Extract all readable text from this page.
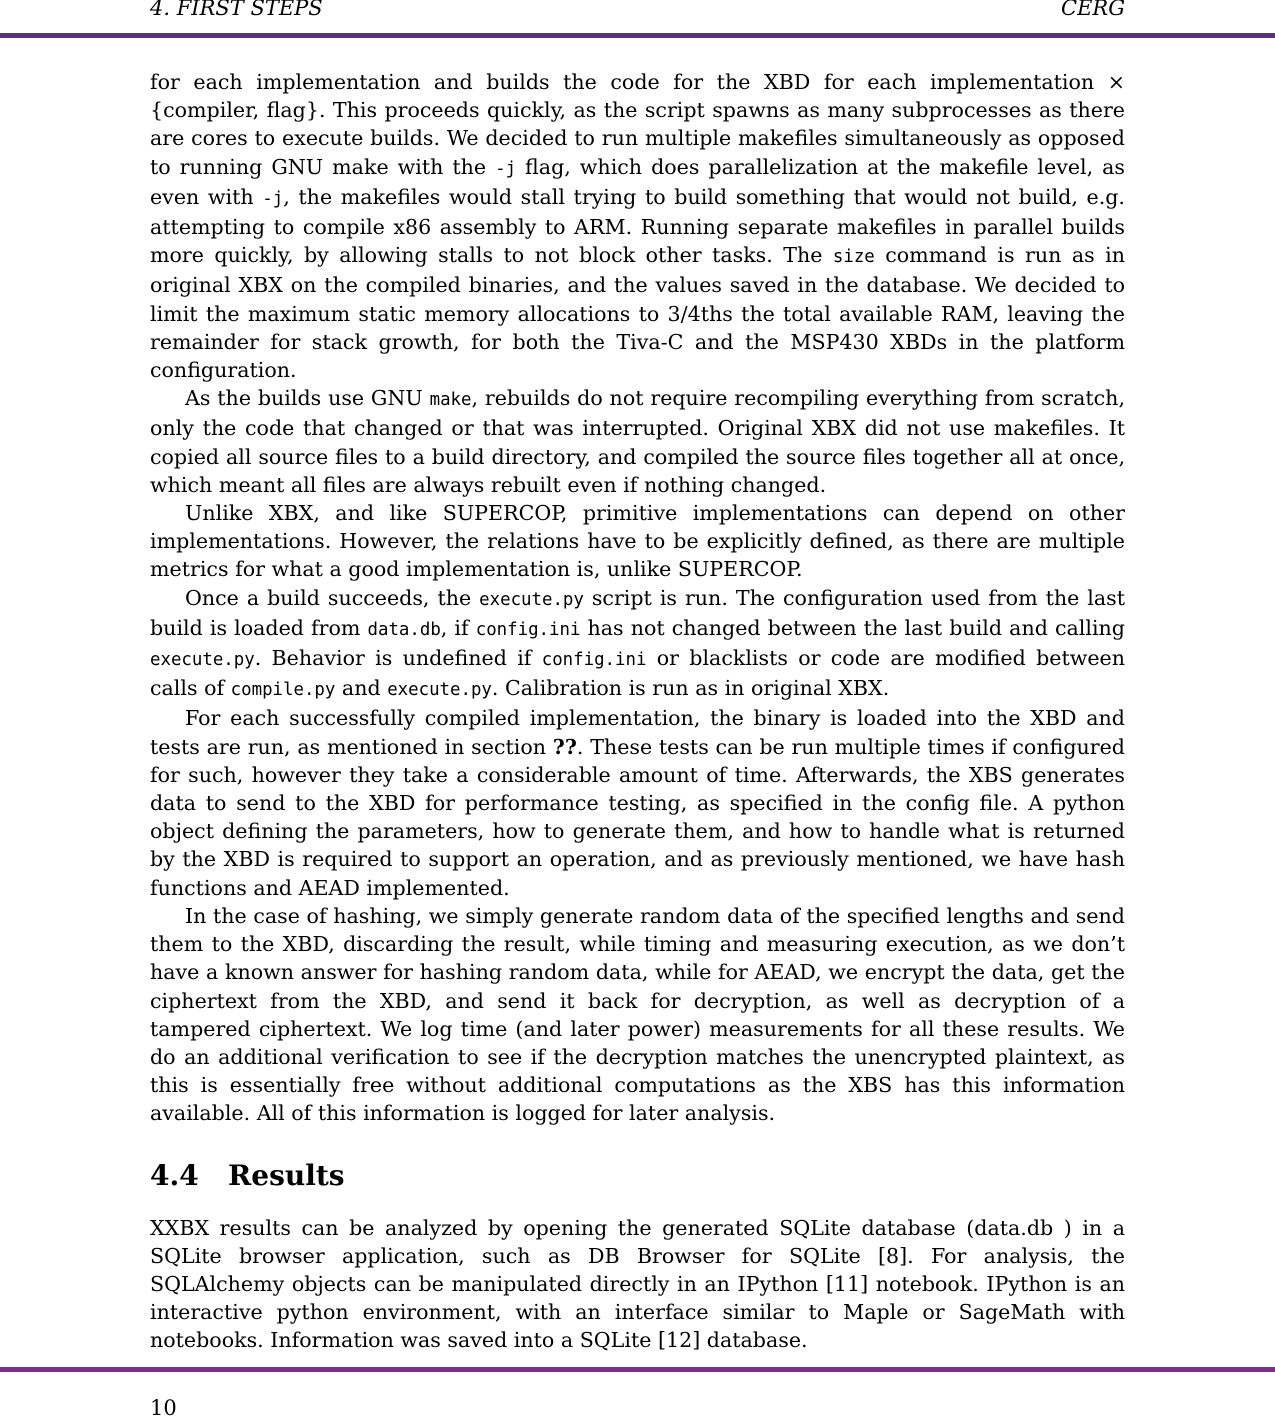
4. FIRST STEPS	CERG

for each implementation and builds the code for the XBD for each implementation × {compiler, flag}. This proceeds quickly, as the script spawns as many subprocesses as there are cores to execute builds. We decided to run multiple makefiles simultaneously as opposed to running GNU make with the -j flag, which does parallelization at the makefile level, as even with -j, the makefiles would stall trying to build something that would not build, e.g. attempting to compile x86 assembly to ARM. Running separate makefiles in parallel builds more quickly, by allowing stalls to not block other tasks. The size command is run as in original XBX on the compiled binaries, and the values saved in the database. We decided to limit the maximum static memory allocations to 3/4ths the total available RAM, leaving the remainder for stack growth, for both the Tiva-C and the MSP430 XBDs in the platform configuration.

As the builds use GNU make, rebuilds do not require recompiling everything from scratch, only the code that changed or that was interrupted. Original XBX did not use makefiles. It copied all source files to a build directory, and compiled the source files together all at once, which meant all files are always rebuilt even if nothing changed.

Unlike XBX, and like SUPERCOP, primitive implementations can depend on other implementations. However, the relations have to be explicitly defined, as there are multiple metrics for what a good implementation is, unlike SUPERCOP.

Once a build succeeds, the execute.py script is run. The configuration used from the last build is loaded from data.db, if config.ini has not changed between the last build and calling execute.py. Behavior is undefined if config.ini or blacklists or code are modified between calls of compile.py and execute.py. Calibration is run as in original XBX.

For each successfully compiled implementation, the binary is loaded into the XBD and tests are run, as mentioned in section ??. These tests can be run multiple times if configured for such, however they take a considerable amount of time. Afterwards, the XBS generates data to send to the XBD for performance testing, as specified in the config file. A python object defining the parameters, how to generate them, and how to handle what is returned by the XBD is required to support an operation, and as previously mentioned, we have hash functions and AEAD implemented.

In the case of hashing, we simply generate random data of the specified lengths and send them to the XBD, discarding the result, while timing and measuring execution, as we don’t have a known answer for hashing random data, while for AEAD, we encrypt the data, get the ciphertext from the XBD, and send it back for decryption, as well as decryption of a tampered ciphertext. We log time (and later power) measurements for all these results. We do an additional verification to see if the decryption matches the unencrypted plaintext, as this is essentially free without additional computations as the XBS has this information available. All of this information is logged for later analysis.

4.4 Results

XXBX results can be analyzed by opening the generated SQLite database (data.db ) in a SQLite browser application, such as DB Browser for SQLite [8]. For analysis, the SQLAlchemy objects can be manipulated directly in an IPython [11] notebook. IPython is an interactive python environment, with an interface similar to Maple or SageMath with notebooks. Information was saved into a SQLite [12] database.

10
